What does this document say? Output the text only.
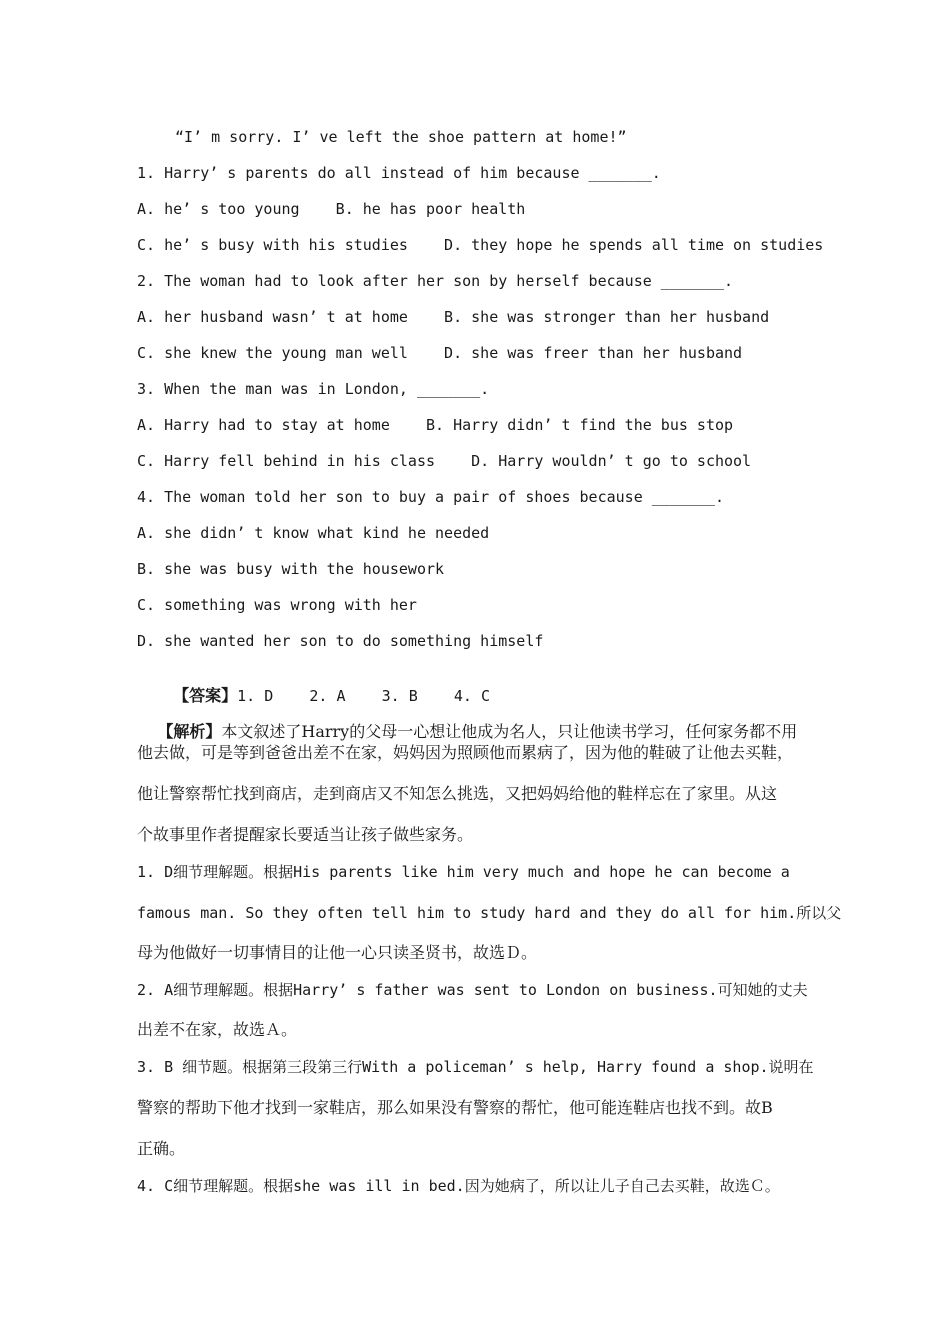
“I’ m sorry. I’ ve left the shoe pattern at home!”
1. Harry’ s parents do all instead of him because _______.
A. he’ s too young    B. he has poor health
C. he’ s busy with his studies    D. they hope he spends all time on studies
2. The woman had to look after her son by herself because _______.
A. her husband wasn’ t at home    B. she was stronger than her husband
C. she knew the young man well    D. she was freer than her husband
3. When the man was in London, _______.
A. Harry had to stay at home    B. Harry didn’ t find the bus stop
C. Harry fell behind in his class    D. Harry wouldn’ t go to school
4. The woman told her son to buy a pair of shoes because _______.
A. she didn’ t know what kind he needed
B. she was busy with the housework
C. something was wrong with her
D. she wanted her son to do something himself

【答案】1. D    2. A    3. B    4. C

【解析】本文叙述了Harry的父母一心想让他成为名人，只让他读书学习，任何家务都不用

他去做，可是等到爸爸出差不在家，妈妈因为照顾他而累病了，因为他的鞋破了让他去买鞋，
他让警察帮忙找到商店，走到商店又不知怎么挑选，又把妈妈给他的鞋样忘在了家里。从这
个故事里作者提醒家长要适当让孩子做些家务。
1. D细节理解题。根据His parents like him very much and hope he can become a
famous man. So they often tell him to study hard and they do all for him.所以父
母为他做好一切事情目的让他一心只读圣贤书，故选Ｄ。
2. A细节理解题。根据Harry’ s father was sent to London on business.可知她的丈夫
出差不在家，故选Ａ。
3. B 细节题。根据第三段第三行With a policeman’ s help, Harry found a shop.说明在
警察的帮助下他才找到一家鞋店，那么如果没有警察的帮忙，他可能连鞋店也找不到。故B
正确。
4. C细节理解题。根据she was ill in bed.因为她病了，所以让儿子自己去买鞋，故选Ｃ。
